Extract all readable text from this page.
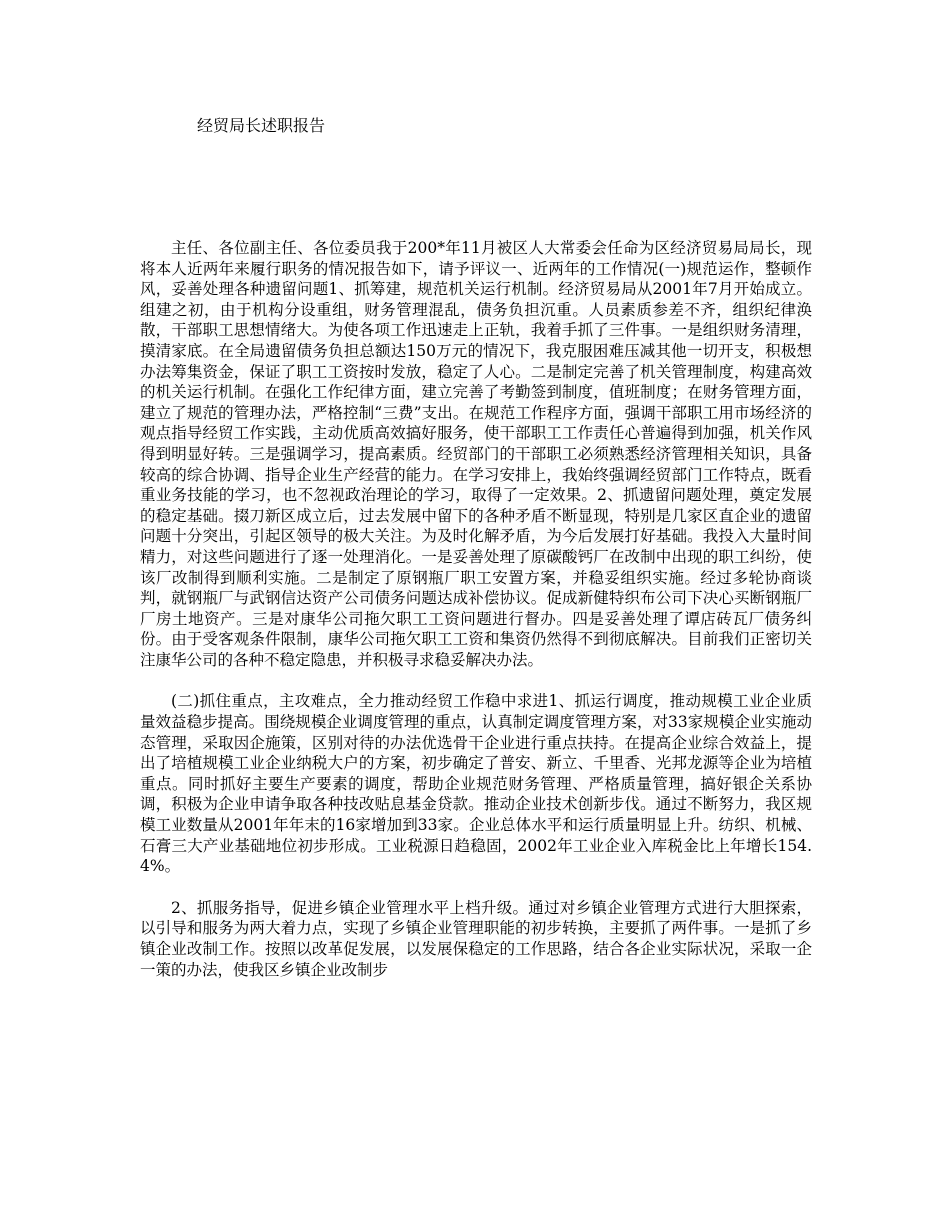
经贸局长述职报告

主任、各位副主任、各位委员我于200*年11月被区人大常委会任命为区经济贸易局局长，现将本人近两年来履行职务的情况报告如下，请予评议一、近两年的工作情况(一)规范运作，整顿作风，妥善处理各种遗留问题1、抓筹建，规范机关运行机制。经济贸易局从2001年7月开始成立。组建之初，由于机构分设重组，财务管理混乱，债务负担沉重。人员素质参差不齐，组织纪律涣散，干部职工思想情绪大。为使各项工作迅速走上正轨，我着手抓了三件事。一是组织财务清理，摸清家底。在全局遗留债务负担总额达150万元的情况下，我克服困难压减其他一切开支，积极想办法筹集资金，保证了职工工资按时发放，稳定了人心。二是制定完善了机关管理制度，构建高效的机关运行机制。在强化工作纪律方面，建立完善了考勤签到制度，值班制度；在财务管理方面，建立了规范的管理办法，严格控制“三费”支出。在规范工作程序方面，强调干部职工用市场经济的观点指导经贸工作实践，主动优质高效搞好服务，使干部职工工作责任心普遍得到加强，机关作风得到明显好转。三是强调学习，提高素质。经贸部门的干部职工必须熟悉经济管理相关知识，具备较高的综合协调、指导企业生产经营的能力。在学习安排上，我始终强调经贸部门工作特点，既看重业务技能的学习，也不忽视政治理论的学习，取得了一定效果。2、抓遗留问题处理，奠定发展的稳定基础。掇刀新区成立后，过去发展中留下的各种矛盾不断显现，特别是几家区直企业的遗留问题十分突出，引起区领导的极大关注。为及时化解矛盾，为今后发展打好基础。我投入大量时间精力，对这些问题进行了逐一处理消化。一是妥善处理了原碳酸钙厂在改制中出现的职工纠纷，使该厂改制得到顺利实施。二是制定了原钢瓶厂职工安置方案，并稳妥组织实施。经过多轮协商谈判，就钢瓶厂与武钢信达资产公司债务问题达成补偿协议。促成新健特织布公司下决心买断钢瓶厂厂房土地资产。三是对康华公司拖欠职工工资问题进行督办。四是妥善处理了谭店砖瓦厂债务纠份。由于受客观条件限制，康华公司拖欠职工工资和集资仍然得不到彻底解决。目前我们正密切关注康华公司的各种不稳定隐患，并积极寻求稳妥解决办法。

(二)抓住重点，主攻难点，全力推动经贸工作稳中求进1、抓运行调度，推动规模工业企业质量效益稳步提高。围绕规模企业调度管理的重点，认真制定调度管理方案，对33家规模企业实施动态管理，采取因企施策，区别对待的办法优选骨干企业进行重点扶持。在提高企业综合效益上，提出了培植规模工业企业纳税大户的方案，初步确定了普安、新立、千里香、光邦龙源等企业为培植重点。同时抓好主要生产要素的调度，帮助企业规范财务管理、严格质量管理，搞好银企关系协调，积极为企业申请争取各种技改贴息基金贷款。推动企业技术创新步伐。通过不断努力，我区规模工业数量从2001年年末的16家增加到33家。企业总体水平和运行质量明显上升。纺织、机械、石膏三大产业基础地位初步形成。工业税源日趋稳固，2002年工业企业入库税金比上年增长154.4%。

2、抓服务指导，促进乡镇企业管理水平上档升级。通过对乡镇企业管理方式进行大胆探索，以引导和服务为两大着力点，实现了乡镇企业管理职能的初步转换，主要抓了两件事。一是抓了乡镇企业改制工作。按照以改革促发展，以发展保稳定的工作思路，结合各企业实际状况，采取一企一策的办法，使我区乡镇企业改制步
